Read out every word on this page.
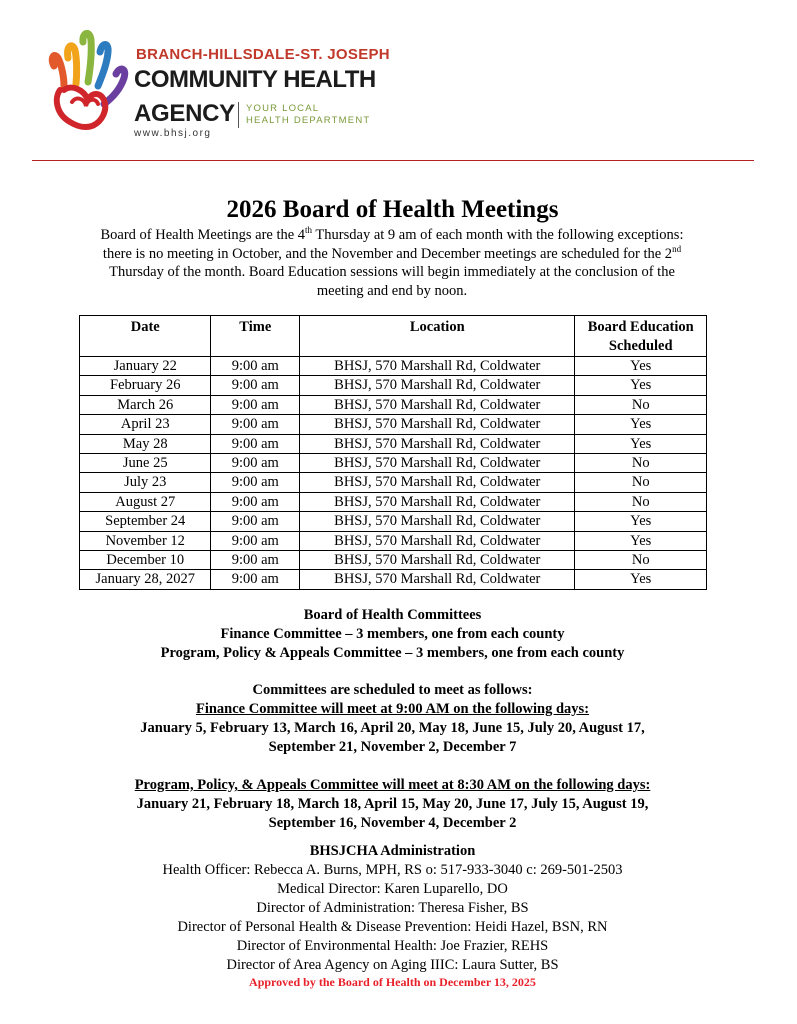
BRANCH-HILLSDALE-ST. JOSEPH
COMMUNITY HEALTH
AGENCY YOUR LOCAL
HEALTH DEPARTMENT
www.bhsj.org
2026 Board of Health Meetings
Board of Health Meetings are the 4th Thursday at 9 am of each month with the following exceptions: there is no meeting in October, and the November and December meetings are scheduled for the 2nd Thursday of the month. Board Education sessions will begin immediately at the conclusion of the meeting and end by noon.
Date	Time	Location	Board Education
Scheduled
January 22	9:00 am	BHSJ, 570 Marshall Rd, Coldwater	Yes
February 26	9:00 am	BHSJ, 570 Marshall Rd, Coldwater	Yes
March 26	9:00 am	BHSJ, 570 Marshall Rd, Coldwater	No
April 23	9:00 am	BHSJ, 570 Marshall Rd, Coldwater	Yes
May 28	9:00 am	BHSJ, 570 Marshall Rd, Coldwater	Yes
June 25	9:00 am	BHSJ, 570 Marshall Rd, Coldwater	No
July 23	9:00 am	BHSJ, 570 Marshall Rd, Coldwater	No
August 27	9:00 am	BHSJ, 570 Marshall Rd, Coldwater	No
September 24	9:00 am	BHSJ, 570 Marshall Rd, Coldwater	Yes
November 12	9:00 am	BHSJ, 570 Marshall Rd, Coldwater	Yes
December 10	9:00 am	BHSJ, 570 Marshall Rd, Coldwater	No
January 28, 2027	9:00 am	BHSJ, 570 Marshall Rd, Coldwater	Yes
Board of Health Committees
Finance Committee – 3 members, one from each county
Program, Policy & Appeals Committee – 3 members, one from each county
Committees are scheduled to meet as follows:
Finance Committee will meet at 9:00 AM on the following days:
January 5, February 13, March 16, April 20, May 18, June 15, July 20, August 17,
September 21, November 2, December 7
Program, Policy, & Appeals Committee will meet at 8:30 AM on the following days:
January 21, February 18, March 18, April 15, May 20, June 17, July 15, August 19,
September 16, November 4, December 2
BHSJCHA Administration
Health Officer: Rebecca A. Burns, MPH, RS o: 517-933-3040 c: 269-501-2503
Medical Director: Karen Luparello, DO
Director of Administration: Theresa Fisher, BS
Director of Personal Health & Disease Prevention: Heidi Hazel, BSN, RN
Director of Environmental Health: Joe Frazier, REHS
Director of Area Agency on Aging IIIC: Laura Sutter, BS
Approved by the Board of Health on December 13, 2025
